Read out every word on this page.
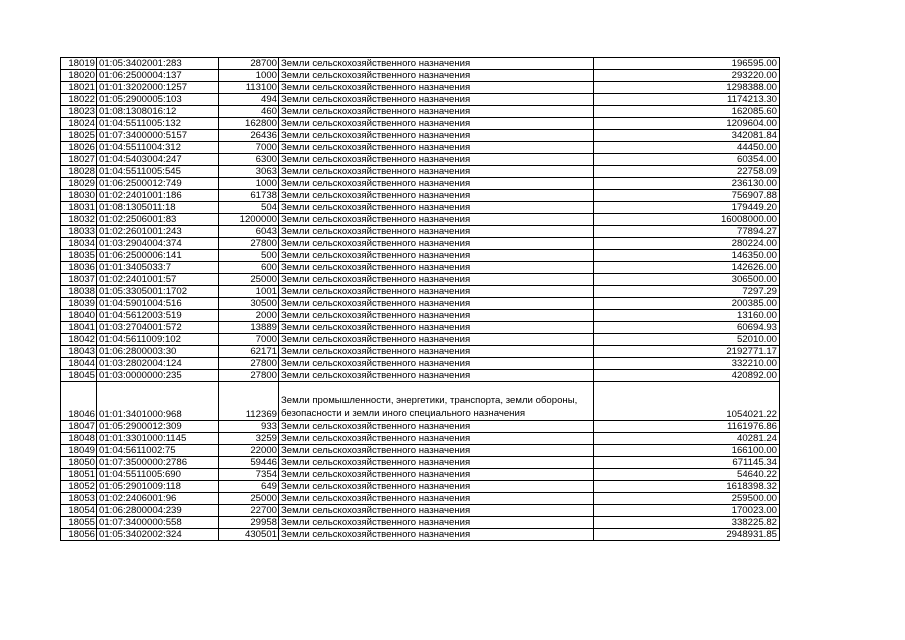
18019	01:05:3402001:283	28700	Земли сельскохозяйственного назначения	196595.00
18020	01:06:2500004:137	1000	Земли сельскохозяйственного назначения	293220.00
18021	01:01:3202000:1257	113100	Земли сельскохозяйственного назначения	1298388.00
18022	01:05:2900005:103	494	Земли сельскохозяйственного назначения	1174213.30
18023	01:08:1308016:12	460	Земли сельскохозяйственного назначения	162085.60
18024	01:04:5511005:132	162800	Земли сельскохозяйственного назначения	1209604.00
18025	01:07:3400000:5157	26436	Земли сельскохозяйственного назначения	342081.84
18026	01:04:5511004:312	7000	Земли сельскохозяйственного назначения	44450.00
18027	01:04:5403004:247	6300	Земли сельскохозяйственного назначения	60354.00
18028	01:04:5511005:545	3063	Земли сельскохозяйственного назначения	22758.09
18029	01:06:2500012:749	1000	Земли сельскохозяйственного назначения	236130.00
18030	01:02:2401001:186	61738	Земли сельскохозяйственного назначения	756907.88
18031	01:08:1305011:18	504	Земли сельскохозяйственного назначения	179449.20
18032	01:02:2506001:83	1200000	Земли сельскохозяйственного назначения	16008000.00
18033	01:02:2601001:243	6043	Земли сельскохозяйственного назначения	77894.27
18034	01:03:2904004:374	27800	Земли сельскохозяйственного назначения	280224.00
18035	01:06:2500006:141	500	Земли сельскохозяйственного назначения	146350.00
18036	01:01:3405033:7	600	Земли сельскохозяйственного назначения	142626.00
18037	01:02:2401001:57	25000	Земли сельскохозяйственного назначения	306500.00
18038	01:05:3305001:1702	1001	Земли сельскохозяйственного назначения	7297.29
18039	01:04:5901004:516	30500	Земли сельскохозяйственного назначения	200385.00
18040	01:04:5612003:519	2000	Земли сельскохозяйственного назначения	13160.00
18041	01:03:2704001:572	13889	Земли сельскохозяйственного назначения	60694.93
18042	01:04:5611009:102	7000	Земли сельскохозяйственного назначения	52010.00
18043	01:06:2800003:30	62171	Земли сельскохозяйственного назначения	2192771.17
18044	01:03:2802004:124	27800	Земли сельскохозяйственного назначения	332210.00
18045	01:03:0000000:235	27800	Земли сельскохозяйственного назначения	420892.00
18046	01:01:3401000:968	112369	Земли промышленности, энергетики, транспорта, земли обороны, безопасности и земли иного специального назначения	1054021.22
18047	01:05:2900012:309	933	Земли сельскохозяйственного назначения	1161976.86
18048	01:01:3301000:1145	3259	Земли сельскохозяйственного назначения	40281.24
18049	01:04:5611002:75	22000	Земли сельскохозяйственного назначения	166100.00
18050	01:07:3500000:2786	59446	Земли сельскохозяйственного назначения	671145.34
18051	01:04:5511005:690	7354	Земли сельскохозяйственного назначения	54640.22
18052	01:05:2901009:118	649	Земли сельскохозяйственного назначения	1618398.32
18053	01:02:2406001:96	25000	Земли сельскохозяйственного назначения	259500.00
18054	01:06:2800004:239	22700	Земли сельскохозяйственного назначения	170023.00
18055	01:07:3400000:558	29958	Земли сельскохозяйственного назначения	338225.82
18056	01:05:3402002:324	430501	Земли сельскохозяйственного назначения	2948931.85
